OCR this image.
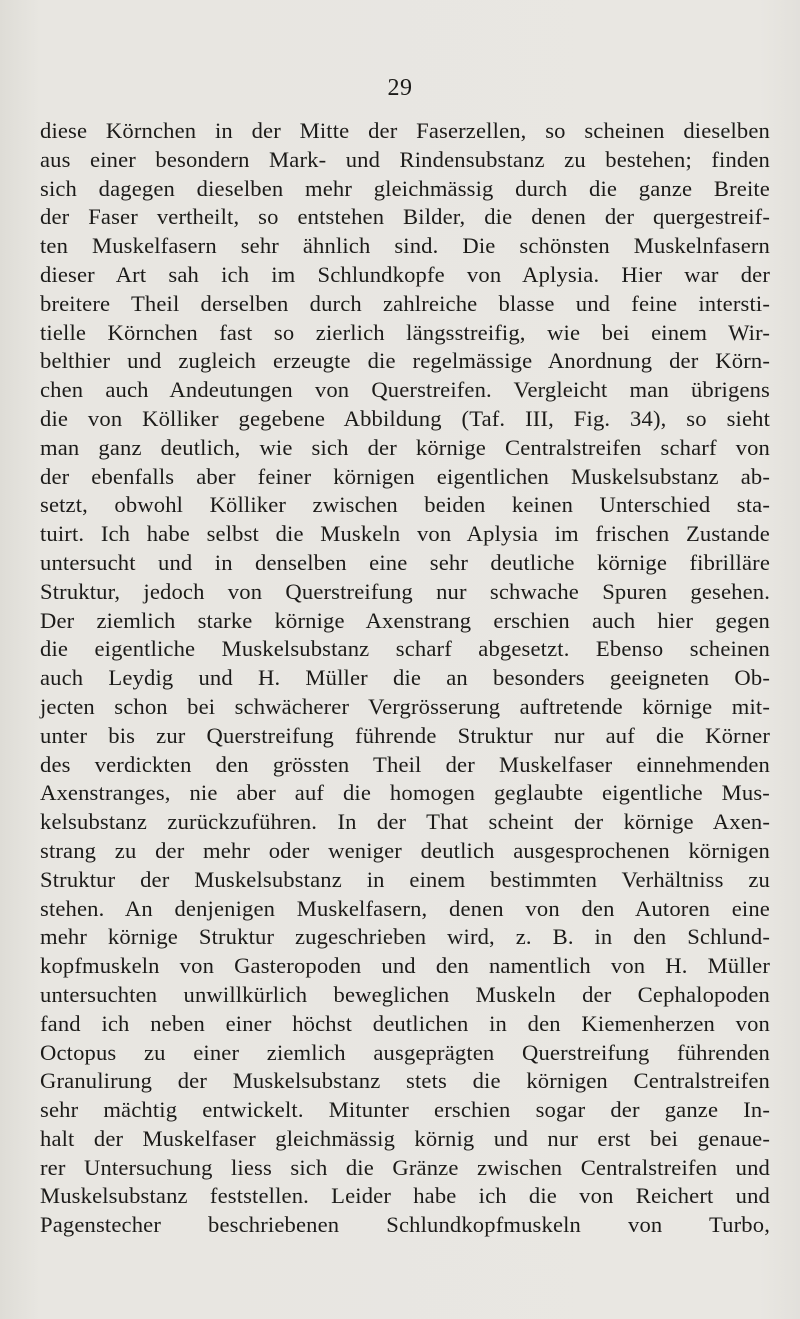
29
diese Körnchen in der Mitte der Faserzellen, so scheinen dieselben
aus einer besondern Mark- und Rindensubstanz zu bestehen; finden
sich dagegen dieselben mehr gleichmässig durch die ganze Breite
der Faser vertheilt, so entstehen Bilder, die denen der quergestreif-
ten Muskelfasern sehr ähnlich sind. Die schönsten Muskelnfasern
dieser Art sah ich im Schlundkopfe von Aplysia. Hier war der
breitere Theil derselben durch zahlreiche blasse und feine intersti-
tielle Körnchen fast so zierlich längsstreifig, wie bei einem Wir-
belthier und zugleich erzeugte die regelmässige Anordnung der Körn-
chen auch Andeutungen von Querstreifen. Vergleicht man übrigens
die von Kölliker gegebene Abbildung (Taf. III, Fig. 34), so sieht
man ganz deutlich, wie sich der körnige Centralstreifen scharf von
der ebenfalls aber feiner körnigen eigentlichen Muskelsubstanz ab-
setzt, obwohl Kölliker zwischen beiden keinen Unterschied sta-
tuirt. Ich habe selbst die Muskeln von Aplysia im frischen Zustande
untersucht und in denselben eine sehr deutliche körnige fibrilläre
Struktur, jedoch von Querstreifung nur schwache Spuren gesehen.
Der ziemlich starke körnige Axenstrang erschien auch hier gegen
die eigentliche Muskelsubstanz scharf abgesetzt. Ebenso scheinen
auch Leydig und H. Müller die an besonders geeigneten Ob-
jecten schon bei schwächerer Vergrösserung auftretende körnige mit-
unter bis zur Querstreifung führende Struktur nur auf die Körner
des verdickten den grössten Theil der Muskelfaser einnehmenden
Axenstranges, nie aber auf die homogen geglaubte eigentliche Mus-
kelsubstanz zurückzuführen. In der That scheint der körnige Axen-
strang zu der mehr oder weniger deutlich ausgesprochenen körnigen
Struktur der Muskelsubstanz in einem bestimmten Verhältniss zu
stehen. An denjenigen Muskelfasern, denen von den Autoren eine
mehr körnige Struktur zugeschrieben wird, z. B. in den Schlund-
kopfmuskeln von Gasteropoden und den namentlich von H. Müller
untersuchten unwillkürlich beweglichen Muskeln der Cephalopoden
fand ich neben einer höchst deutlichen in den Kiemenherzen von
Octopus zu einer ziemlich ausgeprägten Querstreifung führenden
Granulirung der Muskelsubstanz stets die körnigen Centralstreifen
sehr mächtig entwickelt. Mitunter erschien sogar der ganze In-
halt der Muskelfaser gleichmässig körnig und nur erst bei genaue-
rer Untersuchung liess sich die Gränze zwischen Centralstreifen und
Muskelsubstanz feststellen. Leider habe ich die von Reichert und
Pagenstecher beschriebenen Schlundkopfmuskeln von Turbo,
